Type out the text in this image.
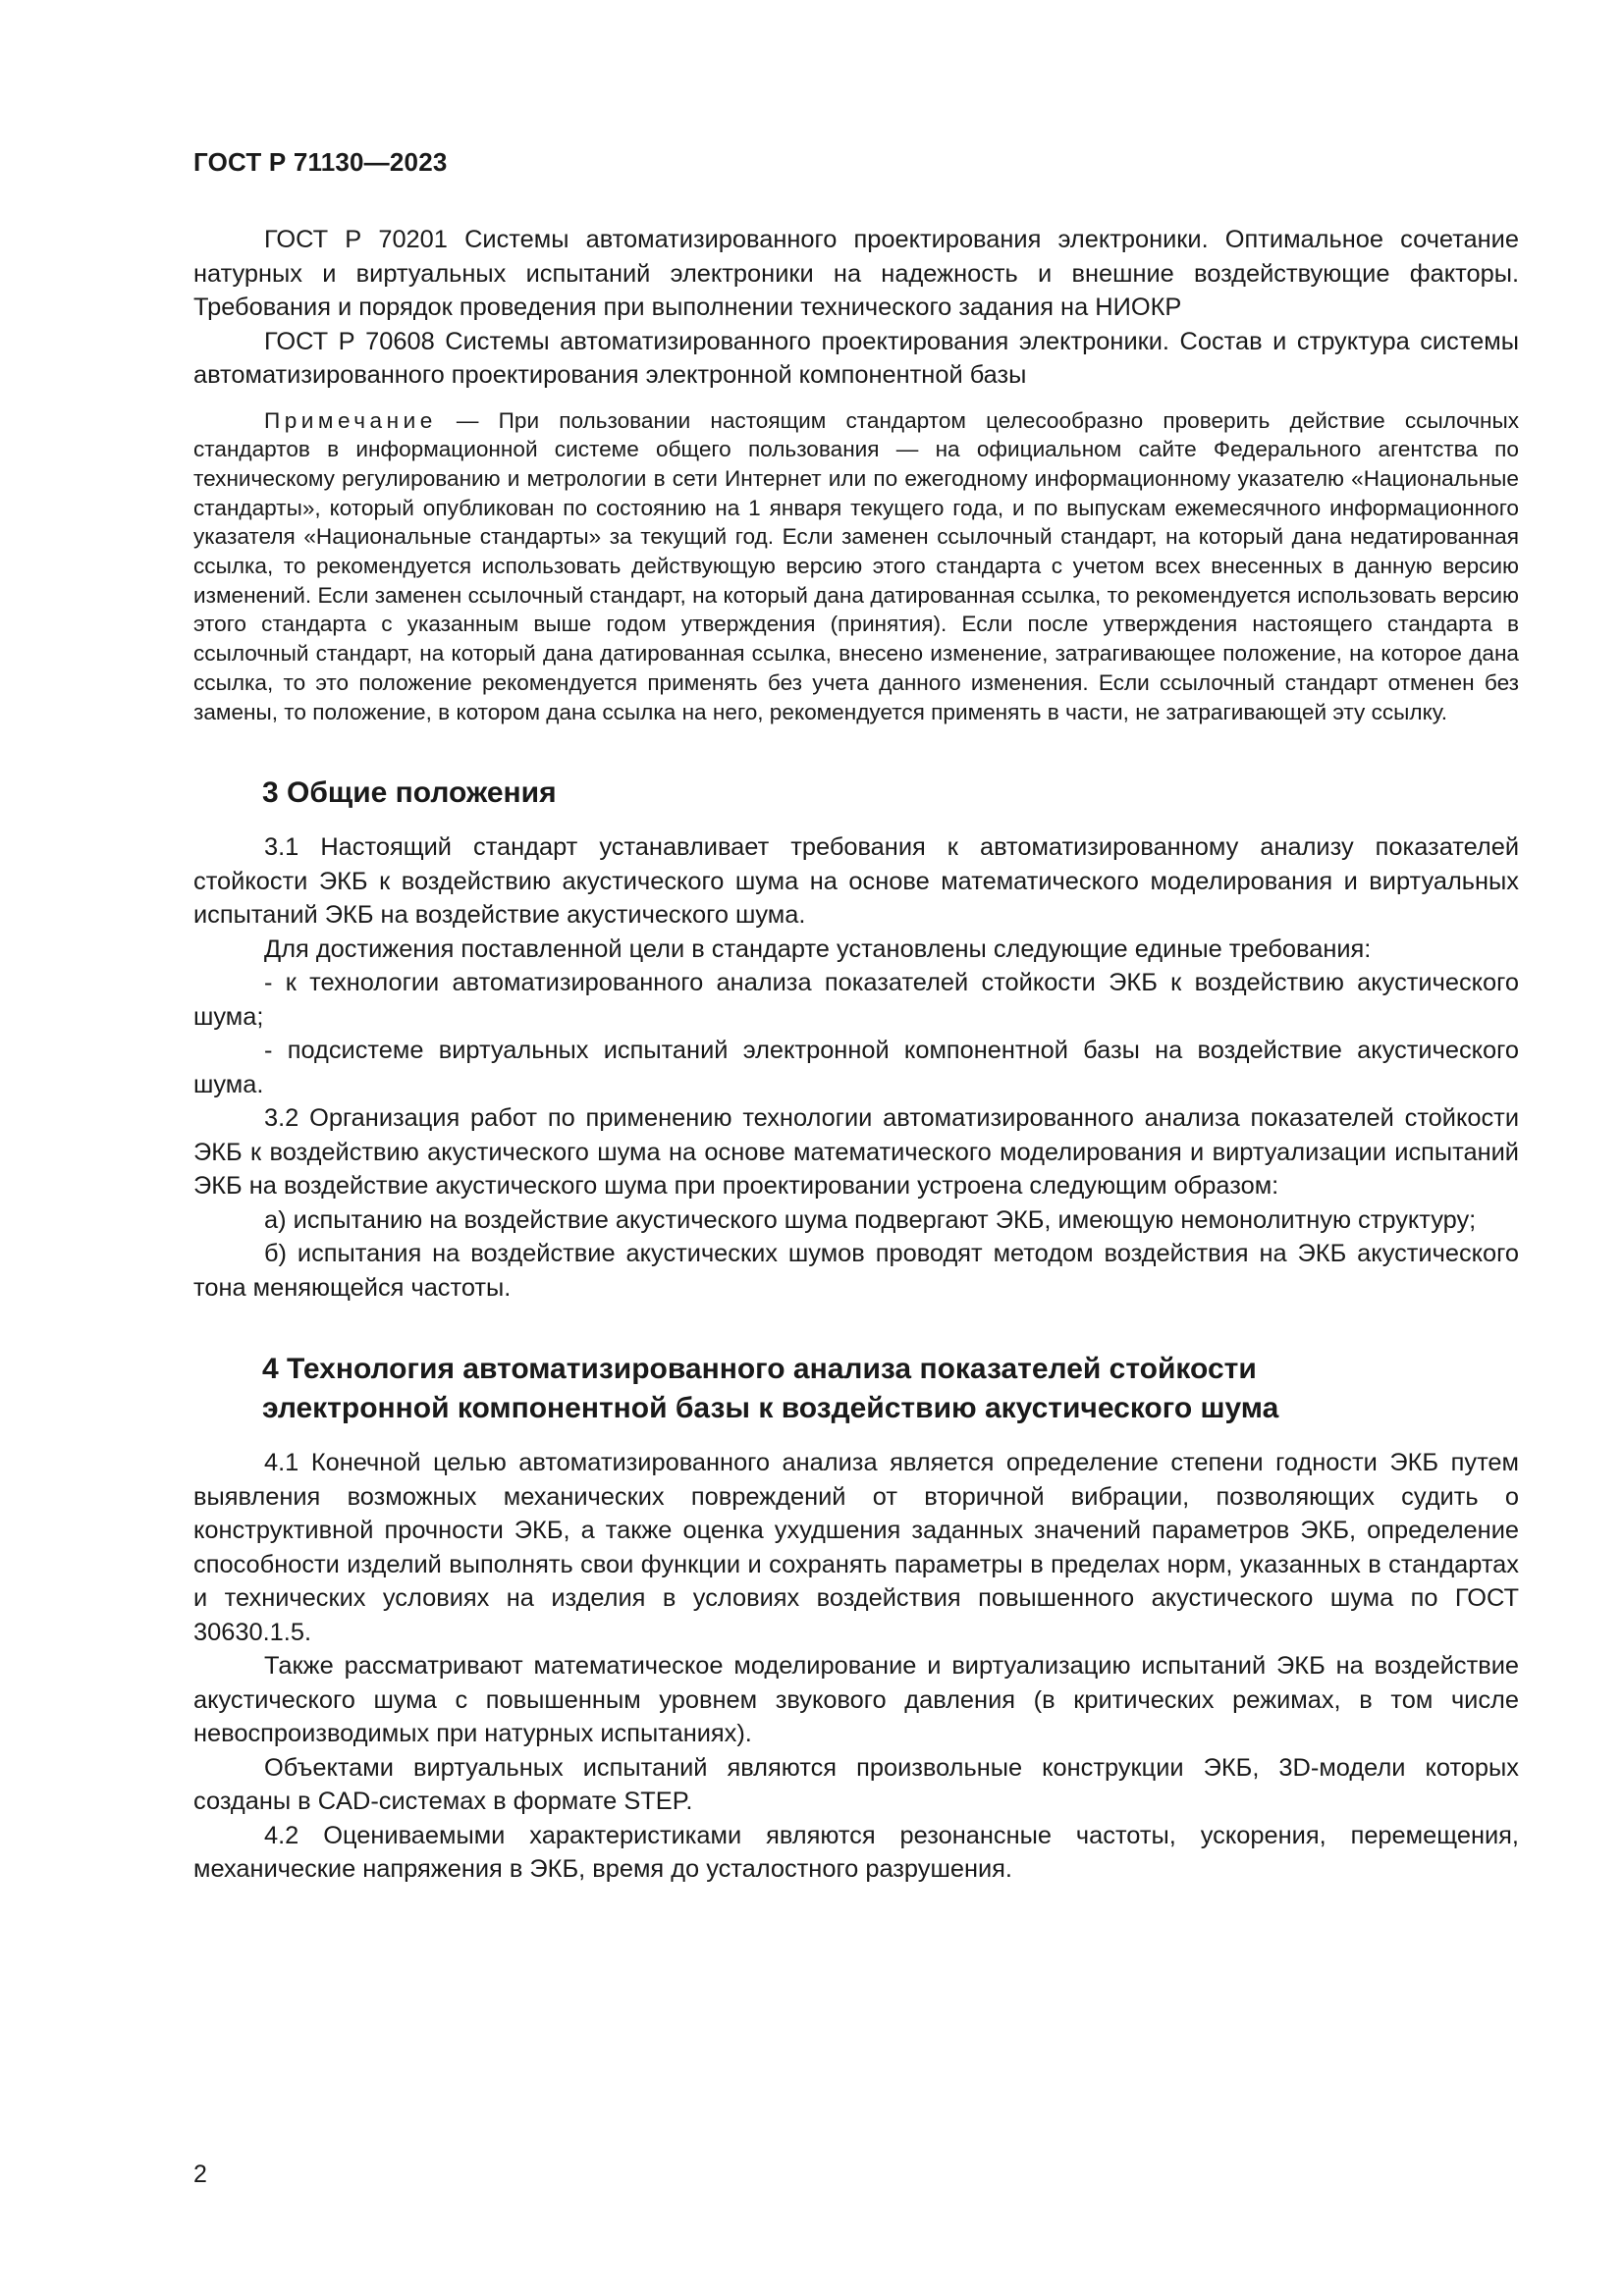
ГОСТ Р 71130—2023

ГОСТ Р 70201 Системы автоматизированного проектирования электроники. Оптимальное сочетание натурных и виртуальных испытаний электроники на надежность и внешние воздействующие факторы. Требования и порядок проведения при выполнении технического задания на НИОКР

ГОСТ Р 70608 Системы автоматизированного проектирования электроники. Состав и структура системы автоматизированного проектирования электронной компонентной базы

Примечание — При пользовании настоящим стандартом целесообразно проверить действие ссылочных стандартов в информационной системе общего пользования — на официальном сайте Федерального агентства по техническому регулированию и метрологии в сети Интернет или по ежегодному информационному указателю «Национальные стандарты», который опубликован по состоянию на 1 января текущего года, и по выпускам ежемесячного информационного указателя «Национальные стандарты» за текущий год. Если заменен ссылочный стандарт, на который дана недатированная ссылка, то рекомендуется использовать действующую версию этого стандарта с учетом всех внесенных в данную версию изменений. Если заменен ссылочный стандарт, на который дана датированная ссылка, то рекомендуется использовать версию этого стандарта с указанным выше годом утверждения (принятия). Если после утверждения настоящего стандарта в ссылочный стандарт, на который дана датированная ссылка, внесено изменение, затрагивающее положение, на которое дана ссылка, то это положение рекомендуется применять без учета данного изменения. Если ссылочный стандарт отменен без замены, то положение, в котором дана ссылка на него, рекомендуется применять в части, не затрагивающей эту ссылку.

3 Общие положения

3.1 Настоящий стандарт устанавливает требования к автоматизированному анализу показателей стойкости ЭКБ к воздействию акустического шума на основе математического моделирования и виртуальных испытаний ЭКБ на воздействие акустического шума.

Для достижения поставленной цели в стандарте установлены следующие единые требования:

- к технологии автоматизированного анализа показателей стойкости ЭКБ к воздействию акустического шума;

- подсистеме виртуальных испытаний электронной компонентной базы на воздействие акустического шума.

3.2 Организация работ по применению технологии автоматизированного анализа показателей стойкости ЭКБ к воздействию акустического шума на основе математического моделирования и виртуализации испытаний ЭКБ на воздействие акустического шума при проектировании устроена следующим образом:

а) испытанию на воздействие акустического шума подвергают ЭКБ, имеющую немонолитную структуру;

б) испытания на воздействие акустических шумов проводят методом воздействия на ЭКБ акустического тона меняющейся частоты.

4 Технология автоматизированного анализа показателей стойкости
электронной компонентной базы к воздействию акустического шума

4.1 Конечной целью автоматизированного анализа является определение степени годности ЭКБ путем выявления возможных механических повреждений от вторичной вибрации, позволяющих судить о конструктивной прочности ЭКБ, а также оценка ухудшения заданных значений параметров ЭКБ, определение способности изделий выполнять свои функции и сохранять параметры в пределах норм, указанных в стандартах и технических условиях на изделия в условиях воздействия повышенного акустического шума по ГОСТ 30630.1.5.

Также рассматривают математическое моделирование и виртуализацию испытаний ЭКБ на воздействие акустического шума с повышенным уровнем звукового давления (в критических режимах, в том числе невоспроизводимых при натурных испытаниях).

Объектами виртуальных испытаний являются произвольные конструкции ЭКБ, 3D-модели которых созданы в CAD-системах в формате STEP.

4.2 Оцениваемыми характеристиками являются резонансные частоты, ускорения, перемещения, механические напряжения в ЭКБ, время до усталостного разрушения.

2
